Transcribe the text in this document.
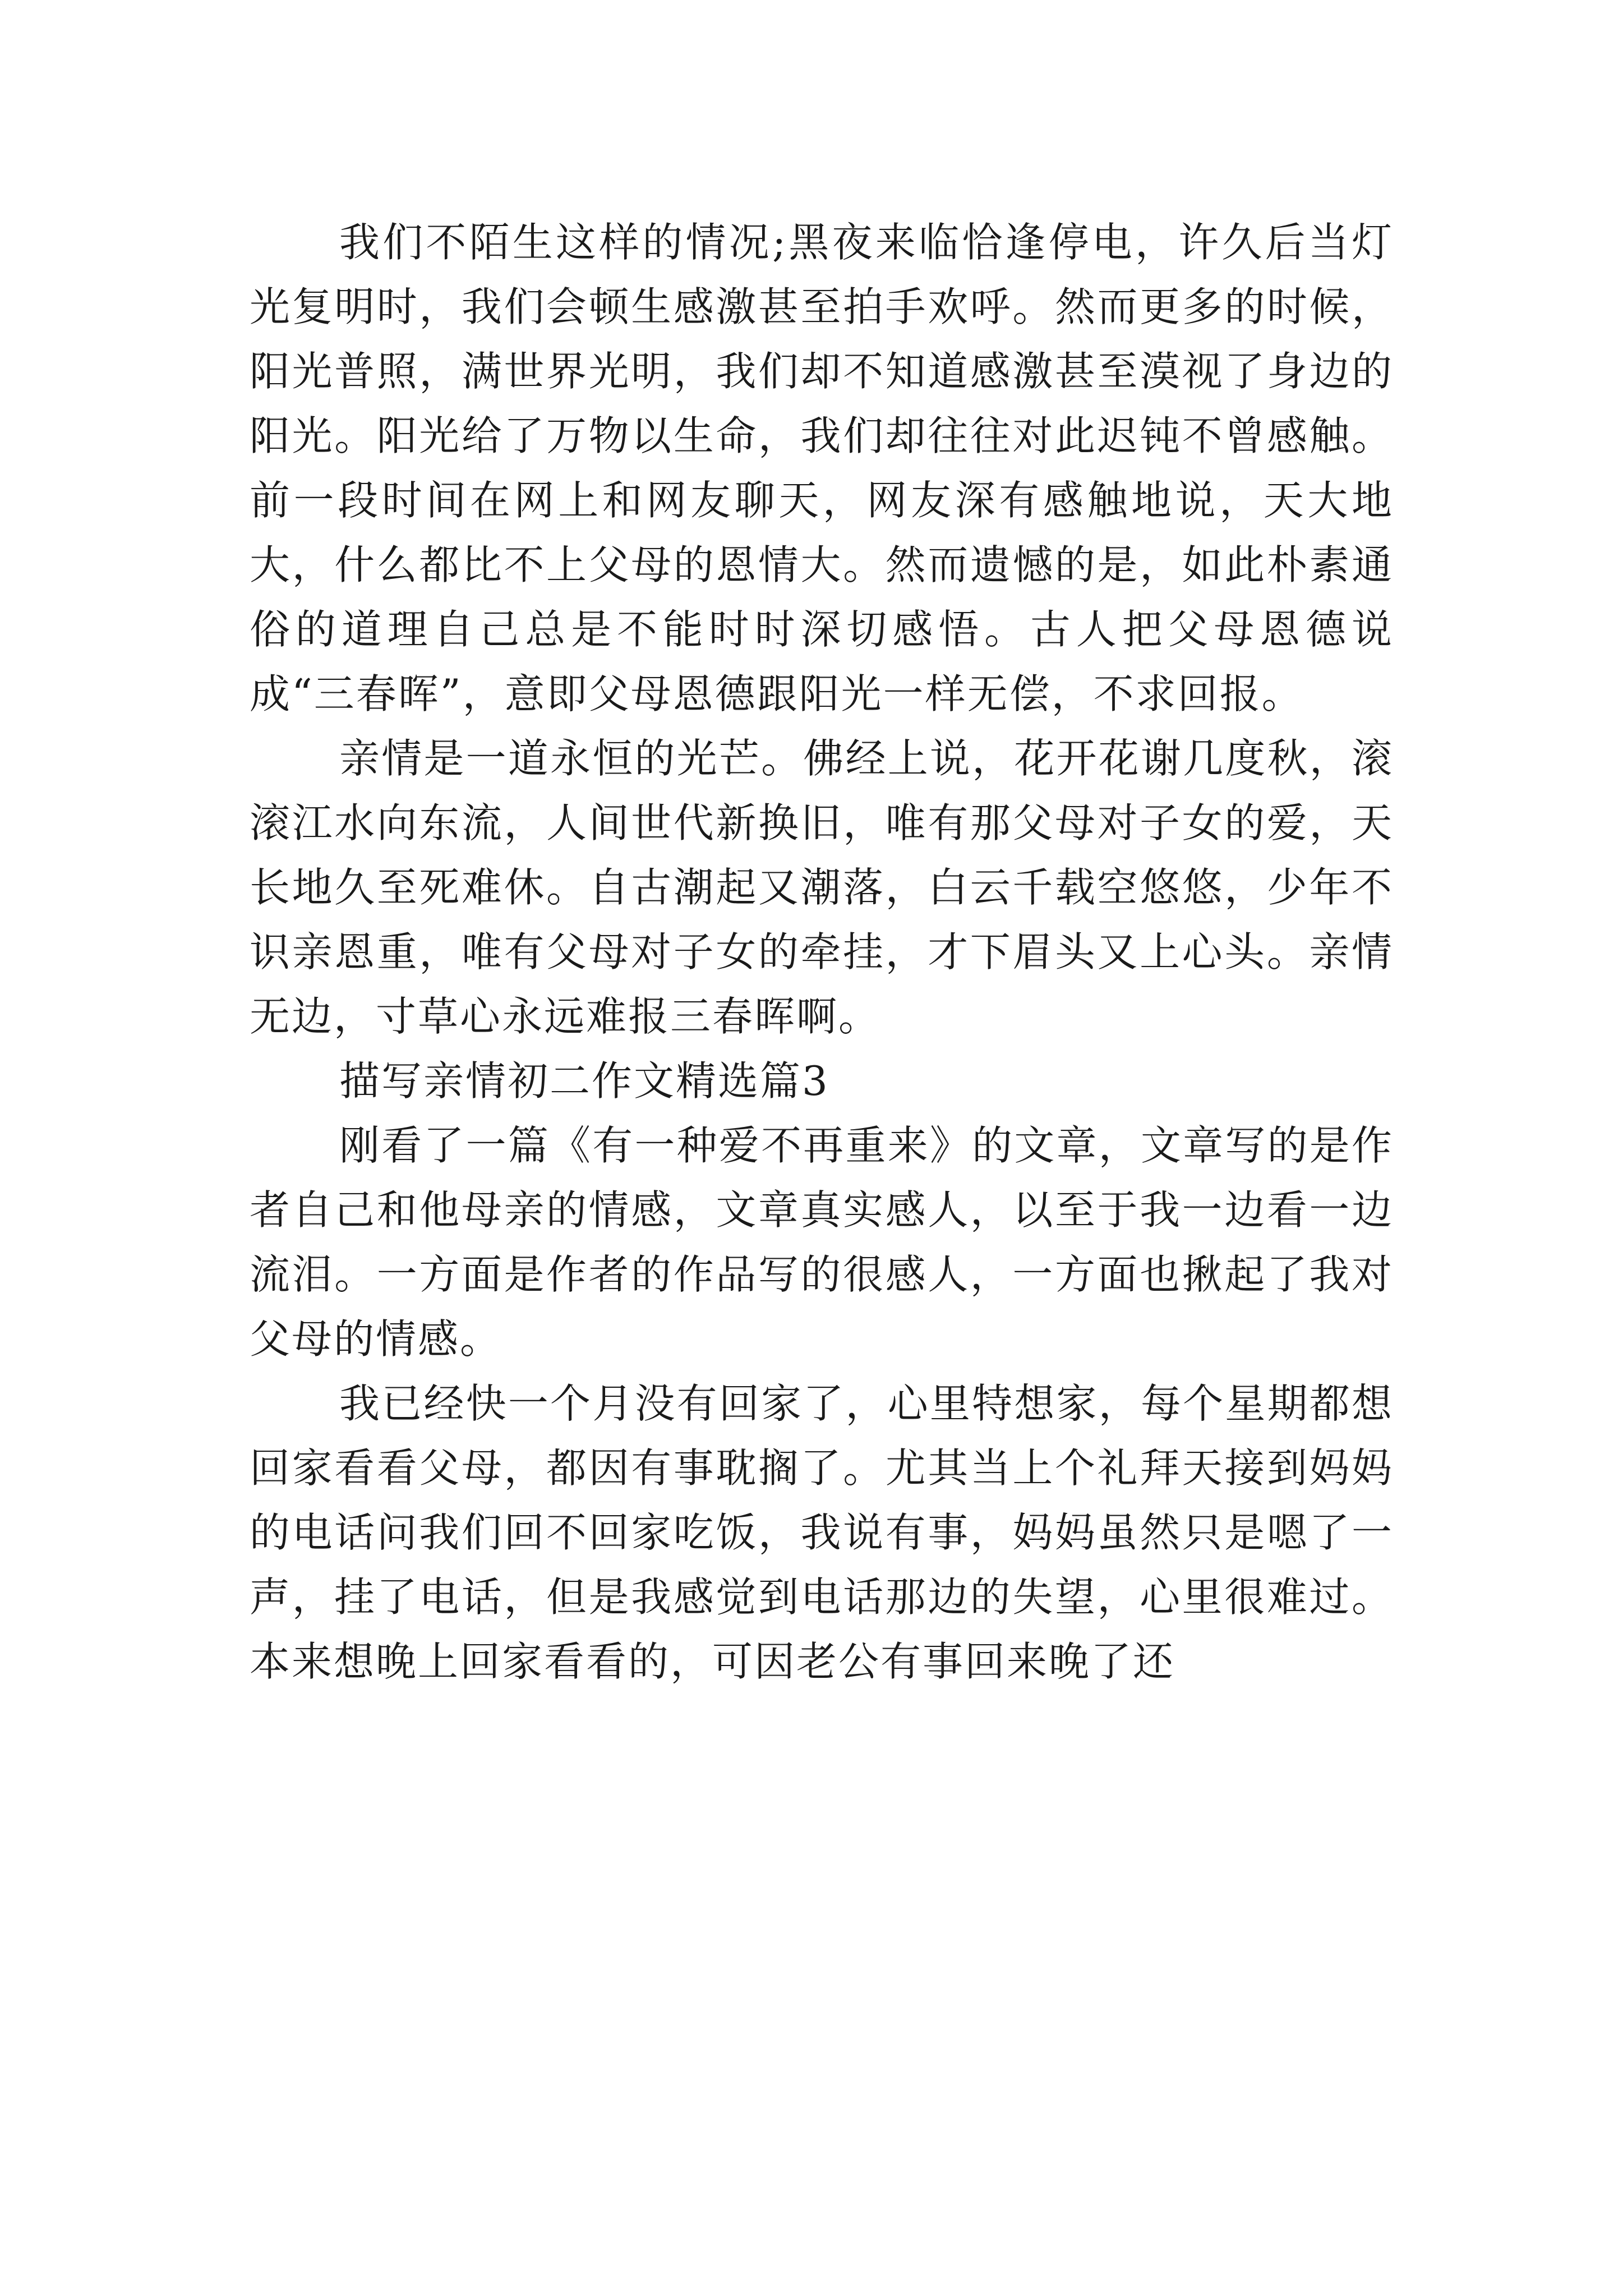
我们不陌生这样的情况;黑夜来临恰逢停电，许久后当灯光复明时，我们会顿生感激甚至拍手欢呼。然而更多的时候，阳光普照，满世界光明，我们却不知道感激甚至漠视了身边的阳光。阳光给了万物以生命，我们却往往对此迟钝不曾感触。前一段时间在网上和网友聊天，网友深有感触地说，天大地大，什么都比不上父母的恩情大。然而遗憾的是，如此朴素通俗的道理自己总是不能时时深切感悟。古人把父母恩德说成“三春晖”，意即父母恩德跟阳光一样无偿，不求回报。

亲情是一道永恒的光芒。佛经上说，花开花谢几度秋，滚滚江水向东流，人间世代新换旧，唯有那父母对子女的爱，天长地久至死难休。自古潮起又潮落，白云千载空悠悠，少年不识亲恩重，唯有父母对子女的牵挂，才下眉头又上心头。亲情无边，寸草心永远难报三春晖啊。

描写亲情初二作文精选篇3

刚看了一篇《有一种爱不再重来》的文章，文章写的是作者自己和他母亲的情感，文章真实感人，以至于我一边看一边流泪。一方面是作者的作品写的很感人，一方面也揪起了我对父母的情感。

我已经快一个月没有回家了，心里特想家，每个星期都想回家看看父母，都因有事耽搁了。尤其当上个礼拜天接到妈妈的电话问我们回不回家吃饭，我说有事，妈妈虽然只是嗯了一声，挂了电话，但是我感觉到电话那边的失望，心里很难过。本来想晚上回家看看的，可因老公有事回来晚了还
